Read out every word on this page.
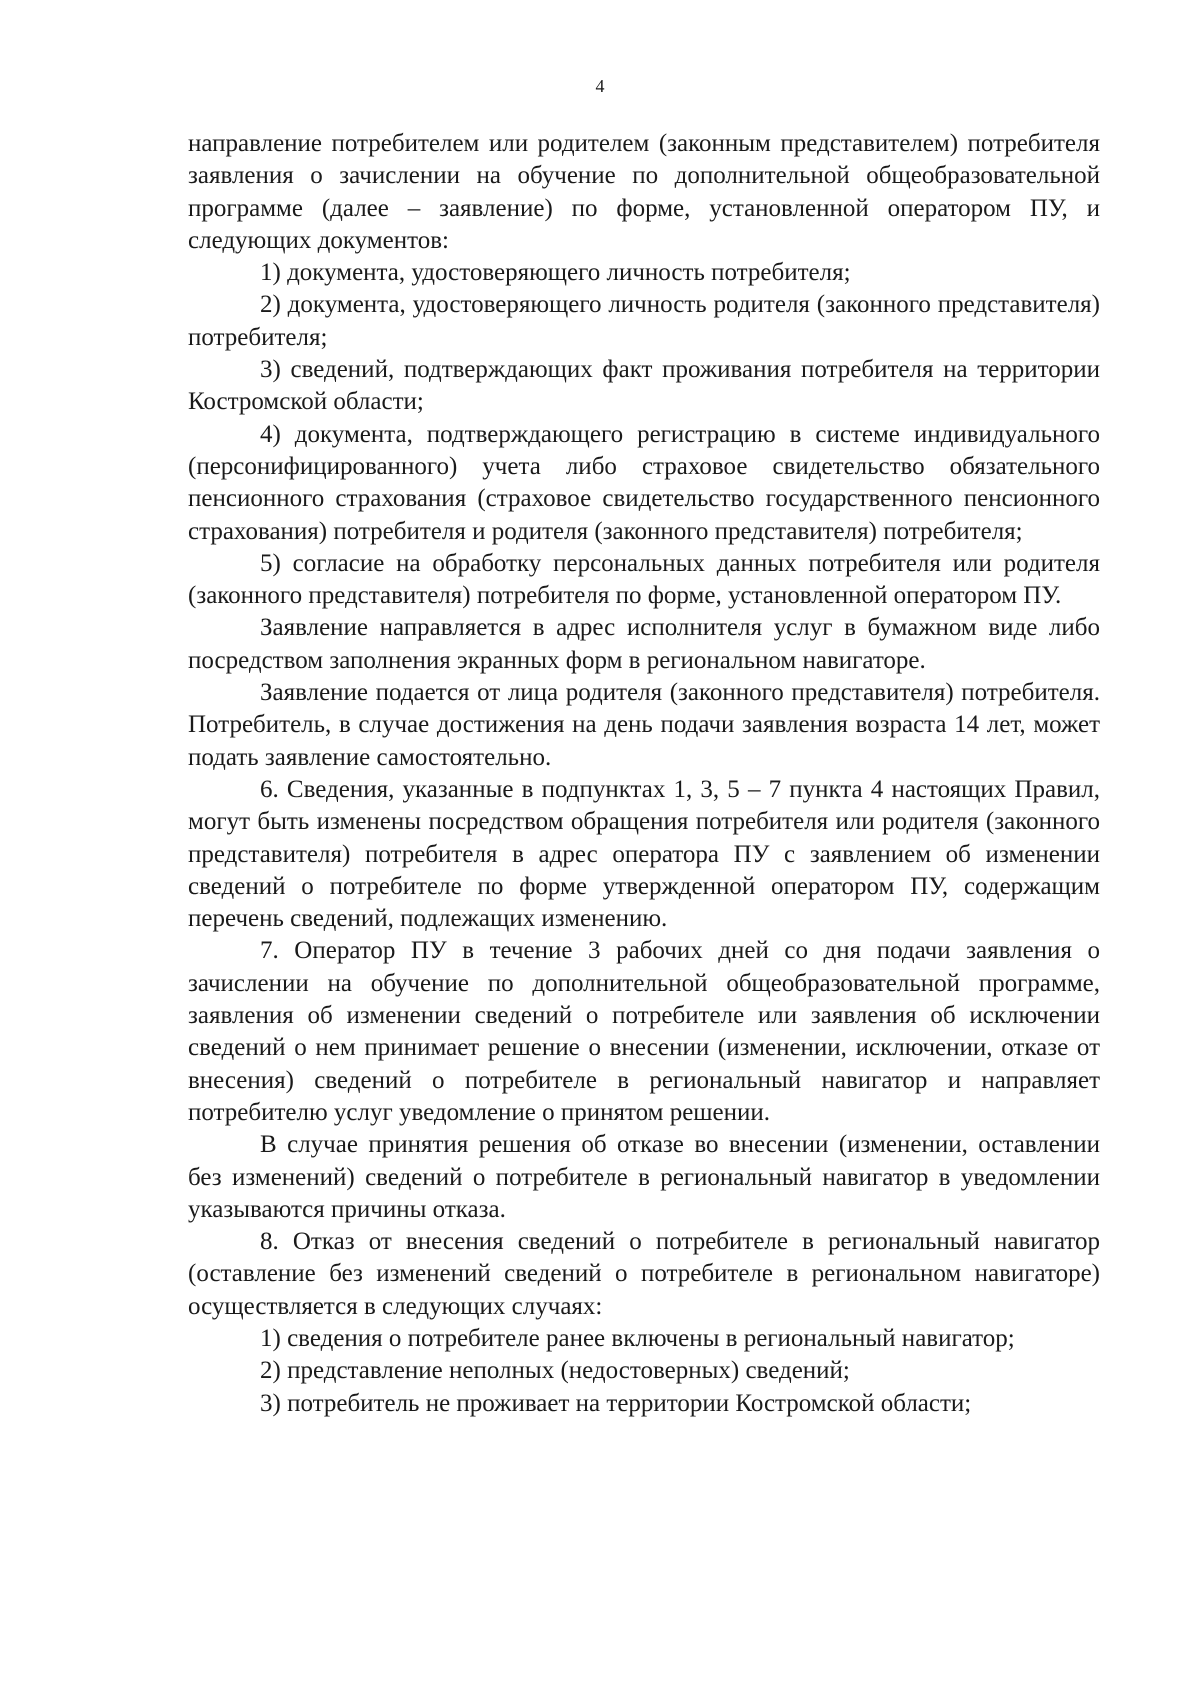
4

направление потребителем или родителем (законным представителем) потребителя заявления о зачислении на обучение по дополнительной общеобразовательной программе (далее – заявление) по форме, установленной оператором ПУ, и следующих документов:

1) документа, удостоверяющего личность потребителя;

2) документа, удостоверяющего личность родителя (законного представителя) потребителя;

3) сведений, подтверждающих факт проживания потребителя на территории Костромской области;

4) документа, подтверждающего регистрацию в системе индивидуального (персонифицированного) учета либо страховое свидетельство обязательного пенсионного страхования (страховое свидетельство государственного пенсионного страхования) потребителя и родителя (законного представителя) потребителя;

5) согласие на обработку персональных данных потребителя или родителя (законного представителя) потребителя по форме, установленной оператором ПУ.

Заявление направляется в адрес исполнителя услуг в бумажном виде либо посредством заполнения экранных форм в региональном навигаторе.

Заявление подается от лица родителя (законного представителя) потребителя. Потребитель, в случае достижения на день подачи заявления возраста 14 лет, может подать заявление самостоятельно.

6. Сведения, указанные в подпунктах 1, 3, 5 – 7 пункта 4 настоящих Правил, могут быть изменены посредством обращения потребителя или родителя (законного представителя) потребителя в адрес оператора ПУ с заявлением об изменении сведений о потребителе по форме утвержденной оператором ПУ, содержащим перечень сведений, подлежащих изменению.

7. Оператор ПУ в течение 3 рабочих дней со дня подачи заявления о зачислении на обучение по дополнительной общеобразовательной программе, заявления об изменении сведений о потребителе или заявления об исключении сведений о нем принимает решение о внесении (изменении, исключении, отказе от внесения) сведений о потребителе в региональный навигатор и направляет потребителю услуг уведомление о принятом решении.

В случае принятия решения об отказе во внесении (изменении, оставлении без изменений) сведений о потребителе в региональный навигатор в уведомлении указываются причины отказа.

8. Отказ от внесения сведений о потребителе в региональный навигатор (оставление без изменений сведений о потребителе в региональном навигаторе) осуществляется в следующих случаях:

1) сведения о потребителе ранее включены в региональный навигатор;

2) представление неполных (недостоверных) сведений;

3) потребитель не проживает на территории Костромской области;
